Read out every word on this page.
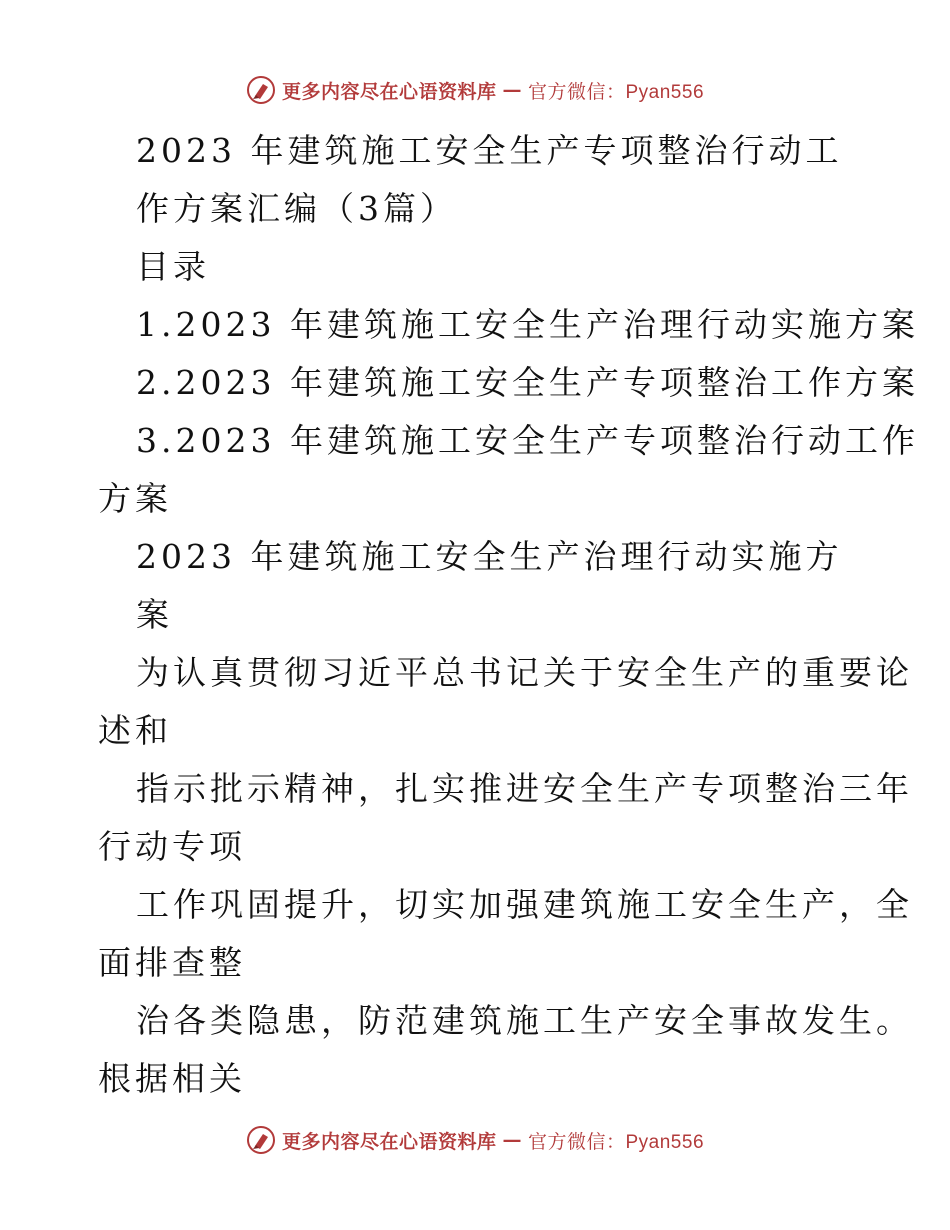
更多内容尽在心语资料库 — 官方微信：Pyan556
2023 年建筑施工安全生产专项整治行动工
作方案汇编（3篇）
目录
1.2023 年建筑施工安全生产治理行动实施方案
2.2023 年建筑施工安全生产专项整治工作方案
3.2023 年建筑施工安全生产专项整治行动工作
方案
2023 年建筑施工安全生产治理行动实施方
案
为认真贯彻习近平总书记关于安全生产的重要论
述和
指示批示精神，扎实推进安全生产专项整治三年
行动专项
工作巩固提升，切实加强建筑施工安全生产，全
面排查整
治各类隐患，防范建筑施工生产安全事故发生。
根据相关
更多内容尽在心语资料库 — 官方微信：Pyan556
